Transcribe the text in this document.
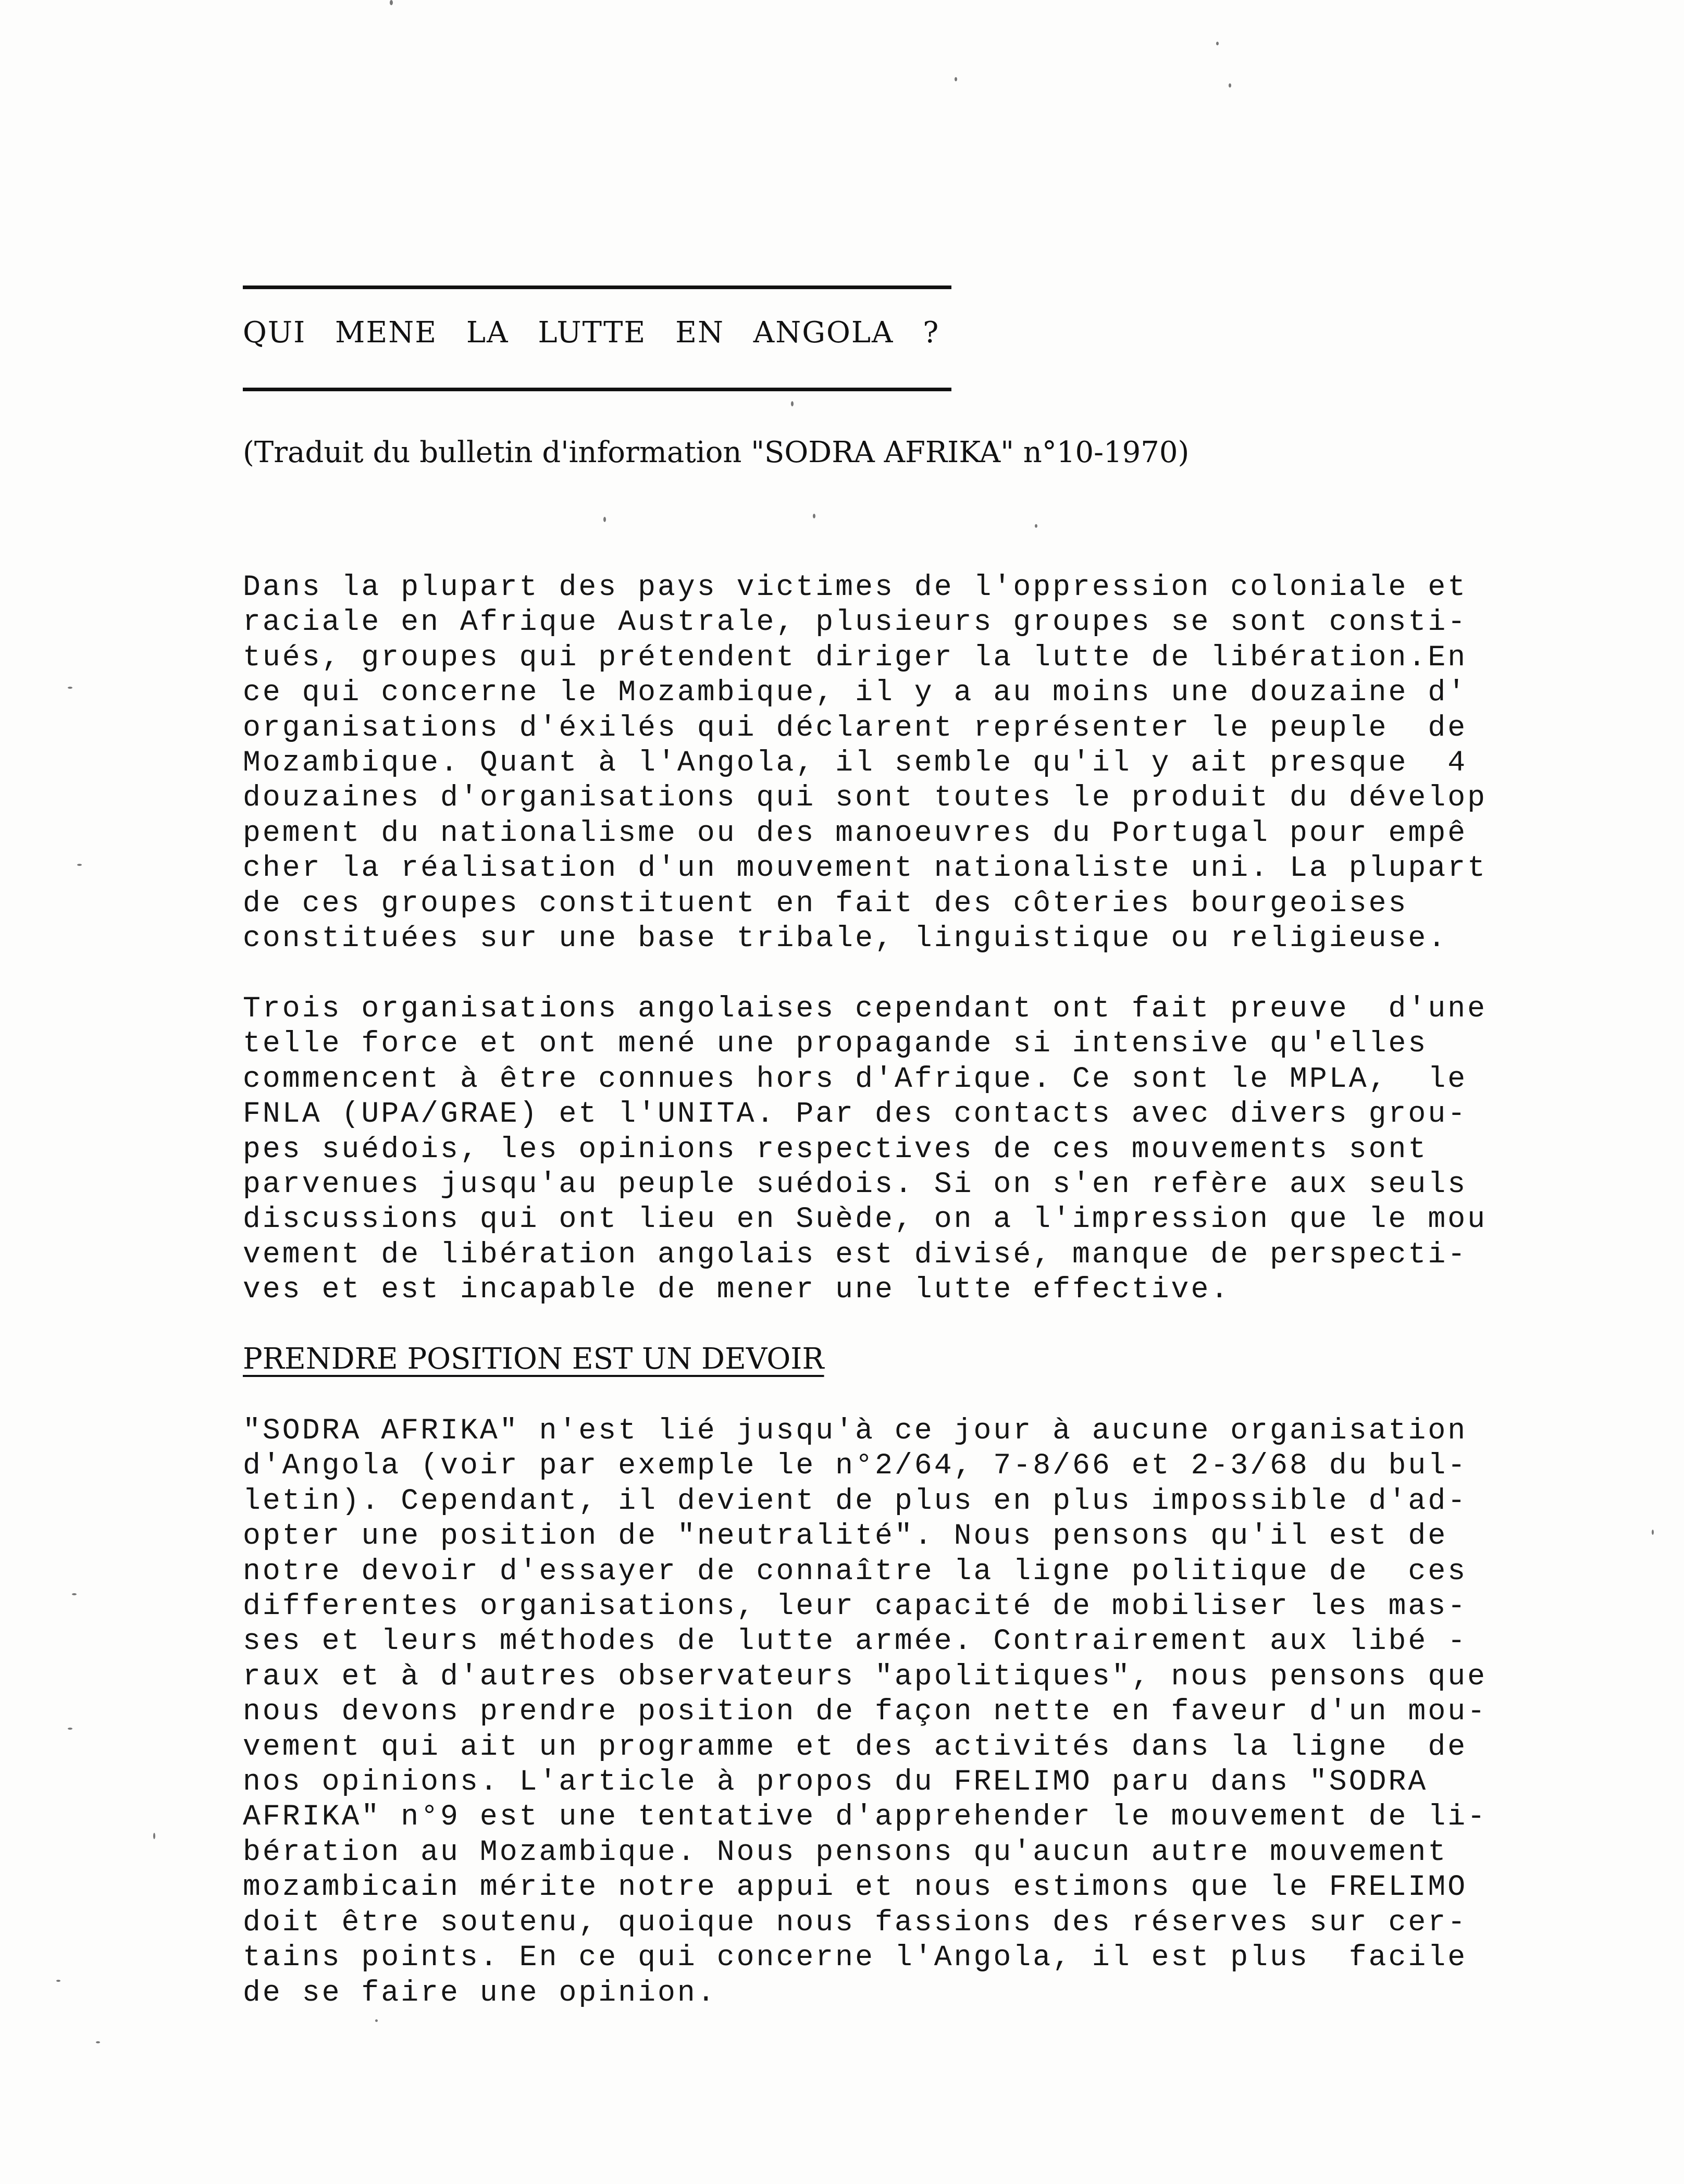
QUI MENE LA LUTTE EN ANGOLA ?
(Traduit du bulletin d'information "SODRA AFRIKA" n°10-1970)

Dans la plupart des pays victimes de l'oppression coloniale et
raciale en Afrique Australe, plusieurs groupes se sont consti-
tués, groupes qui prétendent diriger la lutte de libération.En
ce qui concerne le Mozambique, il y a au moins une douzaine d'
organisations d'éxilés qui déclarent représenter le peuple  de
Mozambique. Quant à l'Angola, il semble qu'il y ait presque  4
douzaines d'organisations qui sont toutes le produit du dévelop
pement du nationalisme ou des manoeuvres du Portugal pour empê
cher la réalisation d'un mouvement nationaliste uni. La plupart
de ces groupes constituent en fait des côteries bourgeoises
constituées sur une base tribale, linguistique ou religieuse.

Trois organisations angolaises cependant ont fait preuve  d'une
telle force et ont mené une propagande si intensive qu'elles
commencent à être connues hors d'Afrique. Ce sont le MPLA,  le
FNLA (UPA/GRAE) et l'UNITA. Par des contacts avec divers grou-
pes suédois, les opinions respectives de ces mouvements sont
parvenues jusqu'au peuple suédois. Si on s'en refère aux seuls
discussions qui ont lieu en Suède, on a l'impression que le mou
vement de libération angolais est divisé, manque de perspecti-
ves et est incapable de mener une lutte effective.

PRENDRE POSITION EST UN DEVOIR

"SODRA AFRIKA" n'est lié jusqu'à ce jour à aucune organisation
d'Angola (voir par exemple le n°2/64, 7-8/66 et 2-3/68 du bul-
letin). Cependant, il devient de plus en plus impossible d'ad-
opter une position de "neutralité". Nous pensons qu'il est de
notre devoir d'essayer de connaître la ligne politique de  ces
differentes organisations, leur capacité de mobiliser les mas-
ses et leurs méthodes de lutte armée. Contrairement aux libé -
raux et à d'autres observateurs "apolitiques", nous pensons que
nous devons prendre position de façon nette en faveur d'un mou-
vement qui ait un programme et des activités dans la ligne  de
nos opinions. L'article à propos du FRELIMO paru dans "SODRA
AFRIKA" n°9 est une tentative d'apprehender le mouvement de li-
bération au Mozambique. Nous pensons qu'aucun autre mouvement
mozambicain mérite notre appui et nous estimons que le FRELIMO
doit être soutenu, quoique nous fassions des réserves sur cer-
tains points. En ce qui concerne l'Angola, il est plus  facile
de se faire une opinion.
